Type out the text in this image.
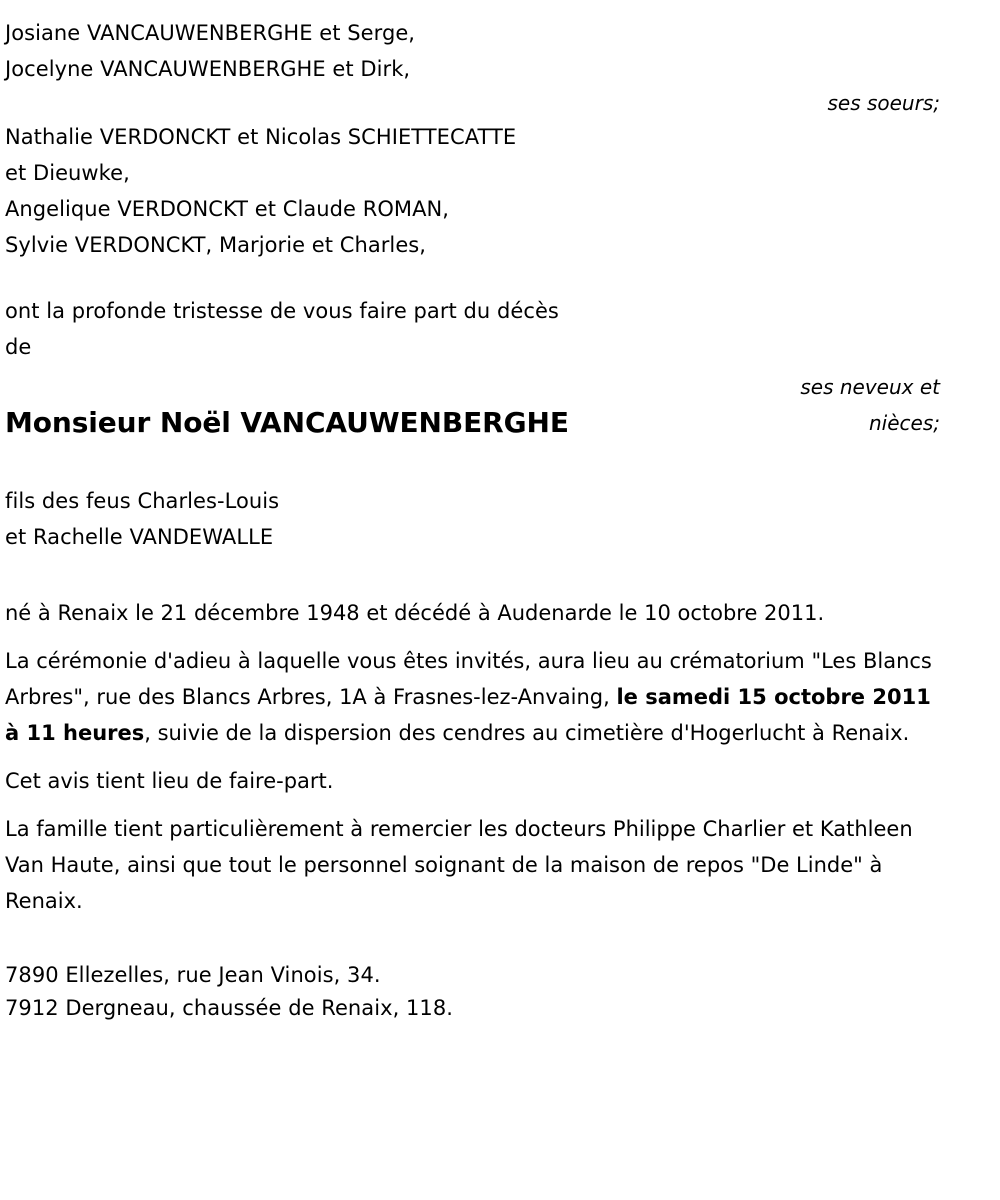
Josiane VANCAUWENBERGHE et Serge,
Jocelyne VANCAUWENBERGHE et Dirk,
ses soeurs;
Nathalie VERDONCKT et Nicolas SCHIETTECATTE
et Dieuwke,
Angelique VERDONCKT et Claude ROMAN,
Sylvie VERDONCKT, Marjorie et Charles,
ses neveux et nièces;
ont la profonde tristesse de vous faire part du décès
de
Monsieur Noël VANCAUWENBERGHE
fils des feus Charles-Louis
et Rachelle VANDEWALLE

né à Renaix le 21 décembre 1948 et décédé à Audenarde le 10 octobre 2011.

La cérémonie d'adieu à laquelle vous êtes invités, aura lieu au crématorium "Les Blancs Arbres", rue des Blancs Arbres, 1A à Frasnes-lez-Anvaing, le samedi 15 octobre 2011 à 11 heures, suivie de la dispersion des cendres au cimetière d'Hogerlucht à Renaix.

Cet avis tient lieu de faire-part.

La famille tient particulièrement à remercier les docteurs Philippe Charlier et Kathleen Van Haute, ainsi que tout le personnel soignant de la maison de repos "De Linde" à Renaix.

7890 Ellezelles, rue Jean Vinois, 34.
7912 Dergneau, chaussée de Renaix, 118.
